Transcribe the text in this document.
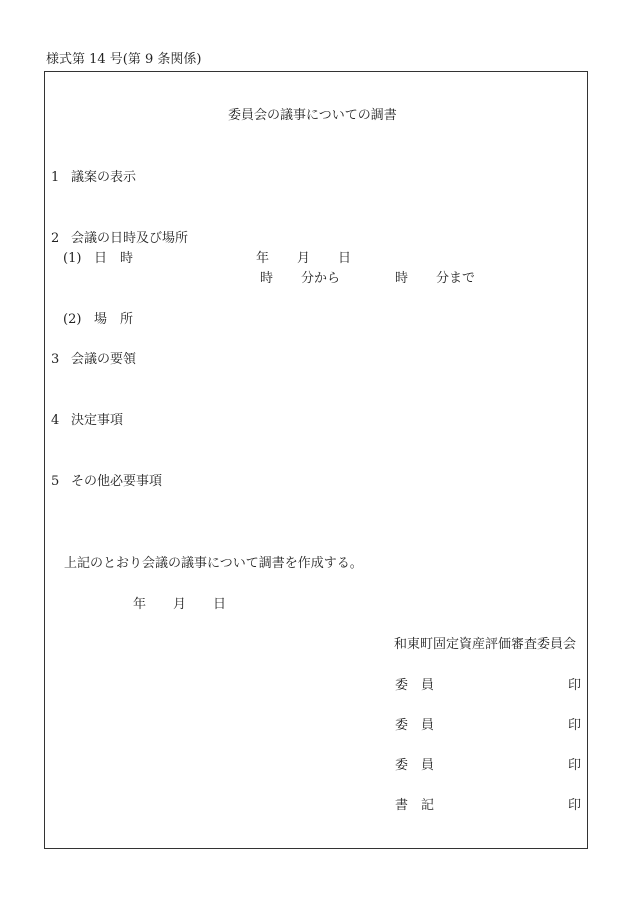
様式第 14 号(第 9 条関係)
委員会の議事についての調書
1 議案の表示
2 会議の日時及び場所
(1) 日　時	年 月 日
時 分から	時 分まで
(2) 場　所
3 会議の要領
4 決定事項
5 その他必要事項
上記のとおり会議の議事について調書を作成する。
年 月 日
和東町固定資産評価審査委員会
委　員	印
委　員	印
委　員	印
書　記	印
